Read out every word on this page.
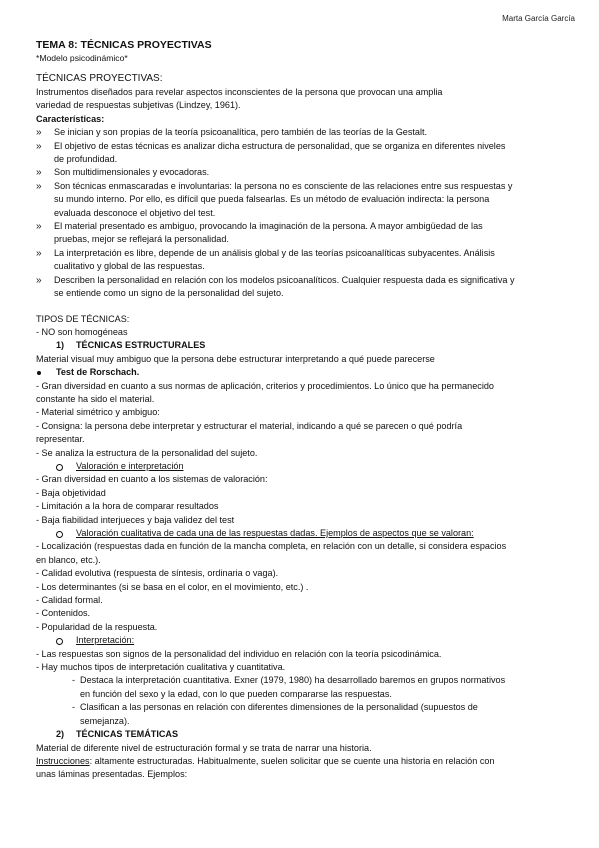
Marta García García
TEMA 8: TÉCNICAS PROYECTIVAS
*Modelo psicodinámico*
TÉCNICAS PROYECTIVAS:
Instrumentos diseñados para revelar aspectos inconscientes de la persona que provocan una amplia
variedad de respuestas subjetivas (Lindzey, 1961).
Características:
» Se inician y son propias de la teoría psicoanalítica, pero también de las teorías de la Gestalt.
» El objetivo de estas técnicas es analizar dicha estructura de personalidad, que se organiza en diferentes niveles
de profundidad.
» Son multidimensionales y evocadoras.
» Son técnicas enmascaradas e involuntarias: la persona no es consciente de las relaciones entre sus respuestas y
su mundo interno. Por ello, es difícil que pueda falsearlas. Es un método de evaluación indirecta: la persona
evaluada desconoce el objetivo del test.
» El material presentado es ambiguo, provocando la imaginación de la persona. A mayor ambigüedad de las
pruebas, mejor se reflejará la personalidad.
» La interpretación es libre, depende de un análisis global y de las teorías psicoanalíticas subyacentes. Análisis
cualitativo y global de las respuestas.
» Describen la personalidad en relación con los modelos psicoanalíticos. Cualquier respuesta dada es significativa y
se entiende como un signo de la personalidad del sujeto.
TIPOS DE TÉCNICAS:
- NO son homogéneas
1) TÉCNICAS ESTRUCTURALES
Material visual muy ambiguo que la persona debe estructurar interpretando a qué puede parecerse
Test de Rorschach.
- Gran diversidad en cuanto a sus normas de aplicación, criterios y procedimientos. Lo único que ha permanecido
constante ha sido el material.
- Material simétrico y ambiguo:
- Consigna: la persona debe interpretar y estructurar el material, indicando a qué se parecen o qué podría
representar.
- Se analiza la estructura de la personalidad del sujeto.
Valoración e interpretación
- Gran diversidad en cuanto a los sistemas de valoración:
- Baja objetividad
- Limitación a la hora de comparar resultados
- Baja fiabilidad interjueces y baja validez del test
Valoración cualitativa de cada una de las respuestas dadas. Ejemplos de aspectos que se valoran:
- Localización (respuestas dada en función de la mancha completa, en relación con un detalle, si considera espacios
en blanco, etc.).
- Calidad evolutiva (respuesta de síntesis, ordinaria o vaga).
- Los determinantes (si se basa en el color, en el movimiento, etc.) .
- Calidad formal.
- Contenidos.
- Popularidad de la respuesta.
Interpretación:
- Las respuestas son signos de la personalidad del individuo en relación con la teoría psicodinámica.
- Hay muchos tipos de interpretación cualitativa y cuantitativa.
- Destaca la interpretación cuantitativa. Exner (1979, 1980) ha desarrollado baremos en grupos normativos
en función del sexo y la edad, con lo que pueden compararse las respuestas.
- Clasifican a las personas en relación con diferentes dimensiones de la personalidad (supuestos de
semejanza).
2) TÉCNICAS TEMÁTICAS
Material de diferente nivel de estructuración formal y se trata de narrar una historia.
Instrucciones: altamente estructuradas. Habitualmente, suelen solicitar que se cuente una historia en relación con
unas láminas presentadas. Ejemplos:
